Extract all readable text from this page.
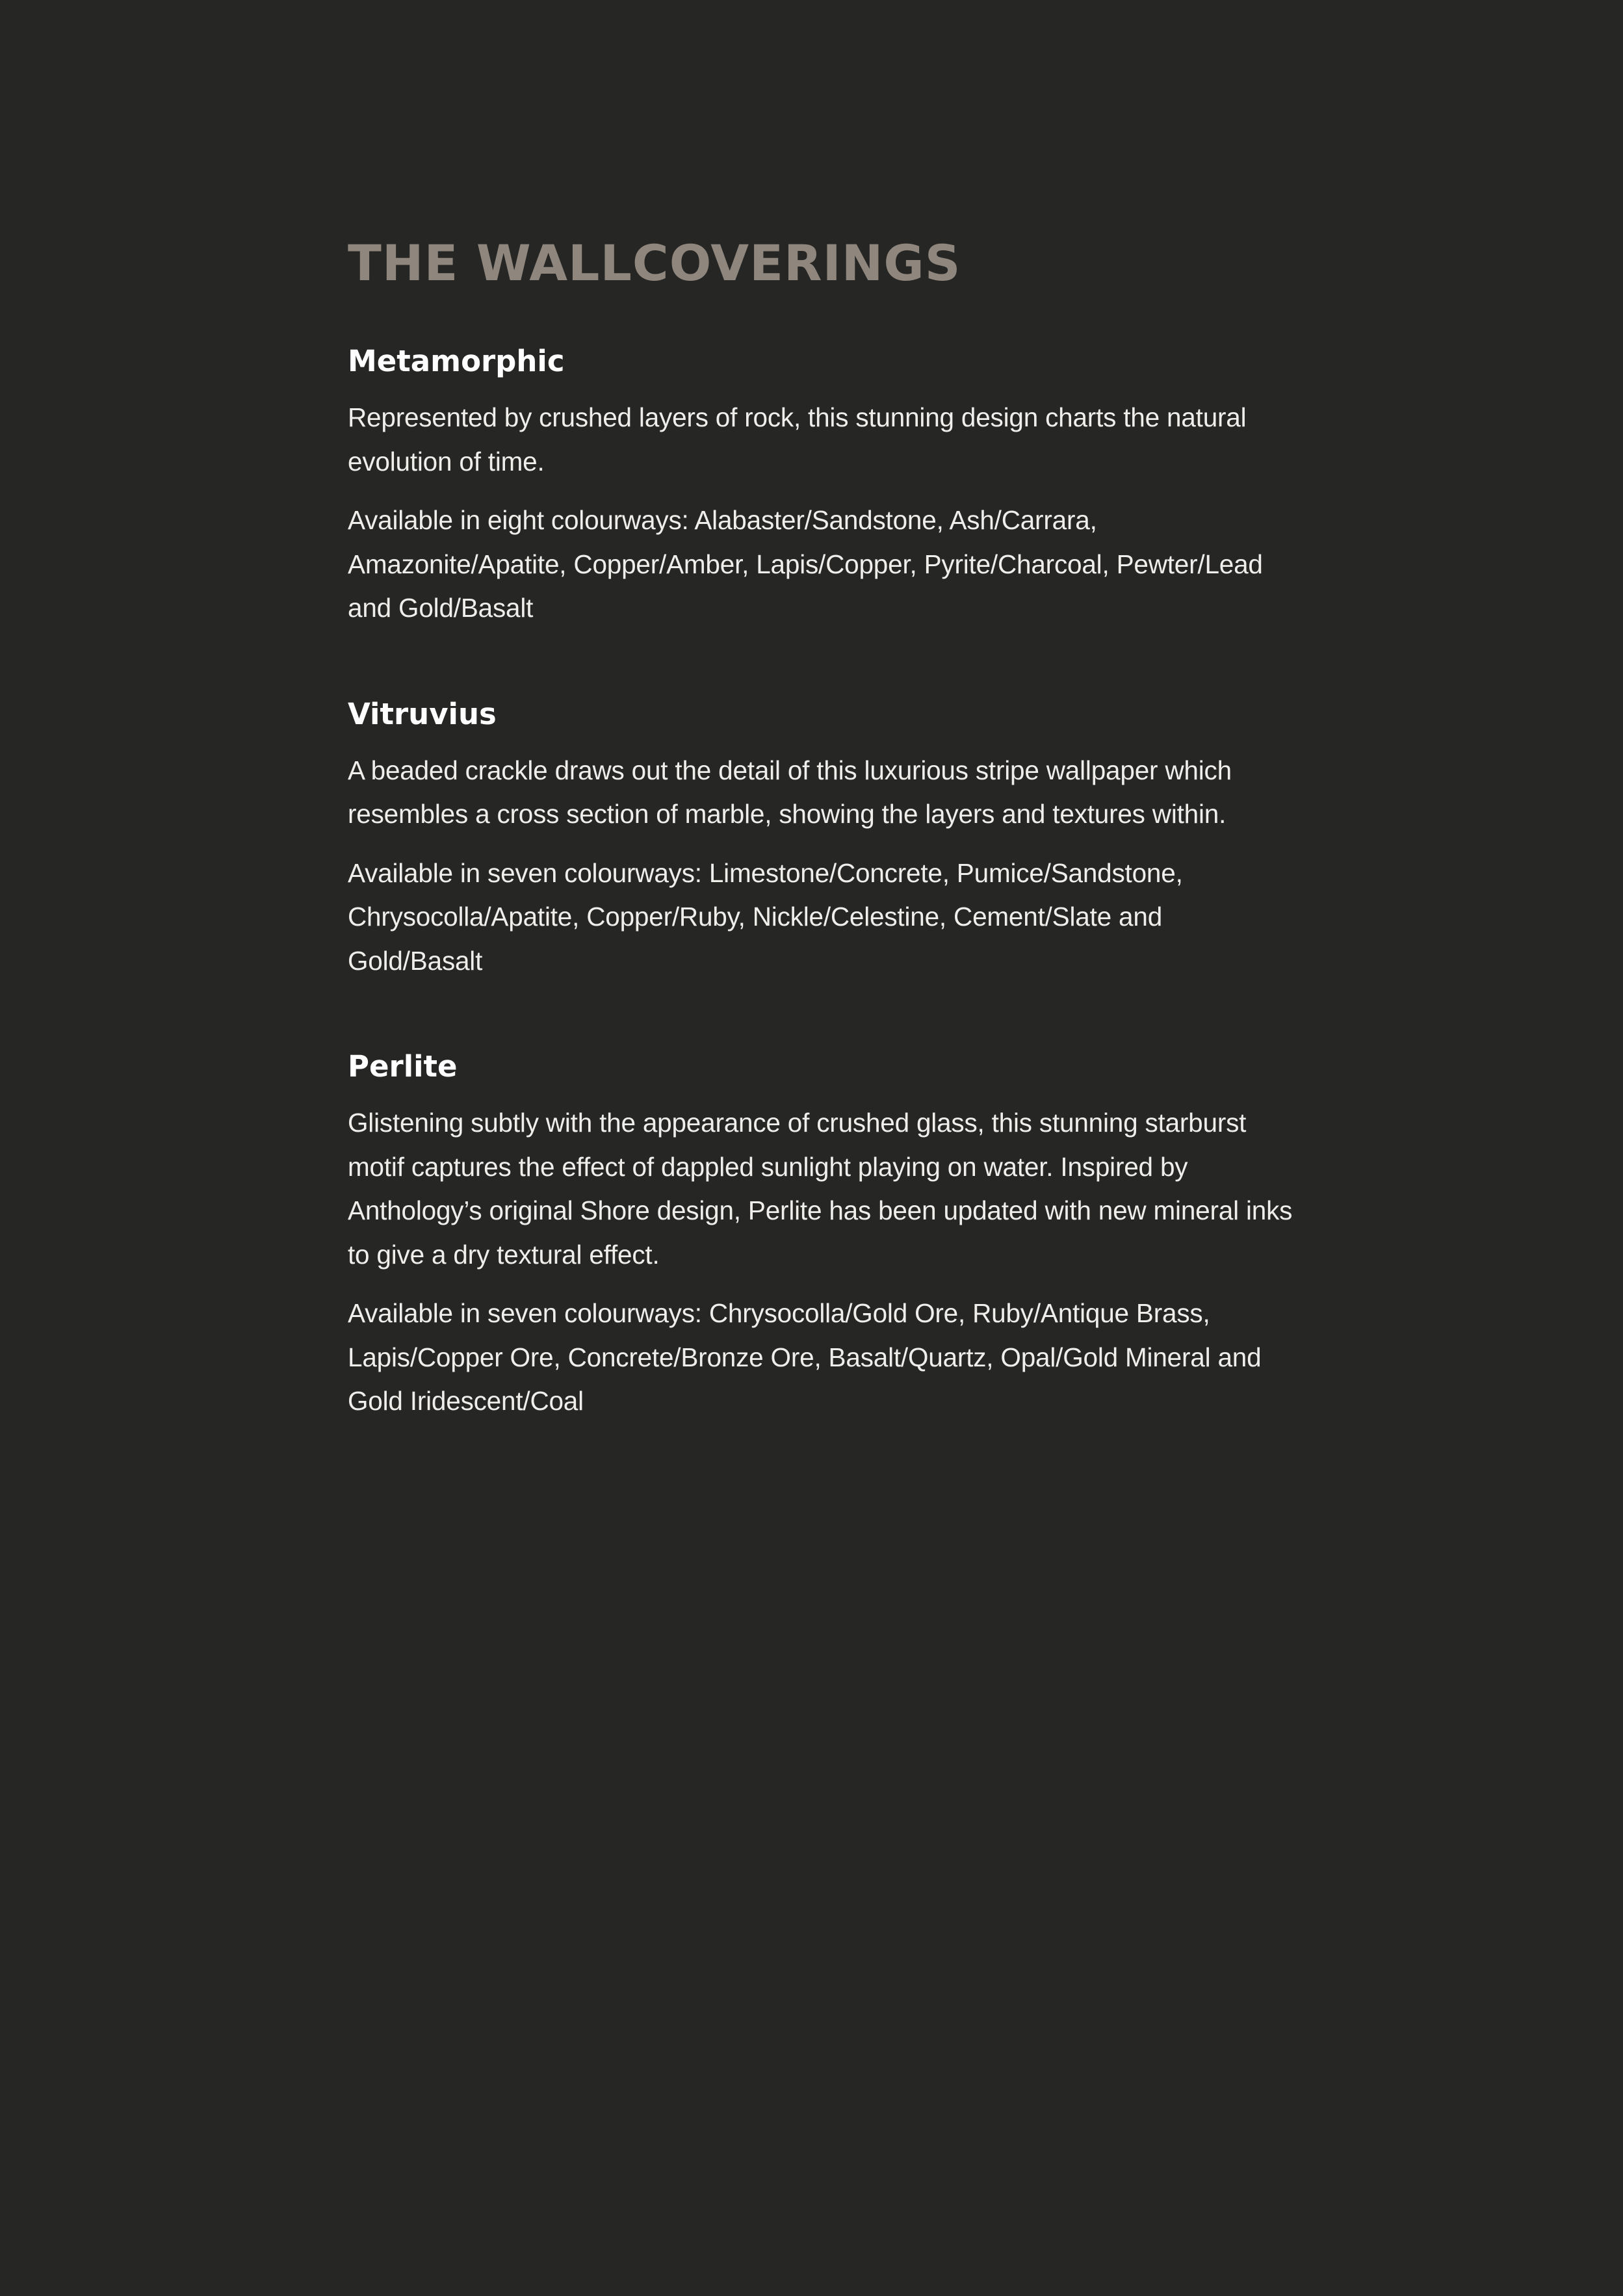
THE WALLCOVERINGS
Metamorphic

Represented by crushed layers of rock, this stunning design charts the natural evolution of time.

Available in eight colourways: Alabaster/Sandstone, Ash/Carrara, Amazonite/Apatite, Copper/Amber, Lapis/Copper, Pyrite/Charcoal, Pewter/Lead and Gold/Basalt

Vitruvius

A beaded crackle draws out the detail of this luxurious stripe wallpaper which resembles a cross section of marble, showing the layers and textures within.

Available in seven colourways: Limestone/Concrete, Pumice/Sandstone, Chrysocolla/Apatite, Copper/Ruby, Nickle/Celestine, Cement/Slate and Gold/Basalt

Perlite

Glistening subtly with the appearance of crushed glass, this stunning starburst motif captures the effect of dappled sunlight playing on water. Inspired by Anthology’s original Shore design, Perlite has been updated with new mineral inks to give a dry textural effect.

Available in seven colourways: Chrysocolla/Gold Ore, Ruby/Antique Brass, Lapis/Copper Ore, Concrete/Bronze Ore, Basalt/Quartz, Opal/Gold Mineral and Gold Iridescent/Coal
